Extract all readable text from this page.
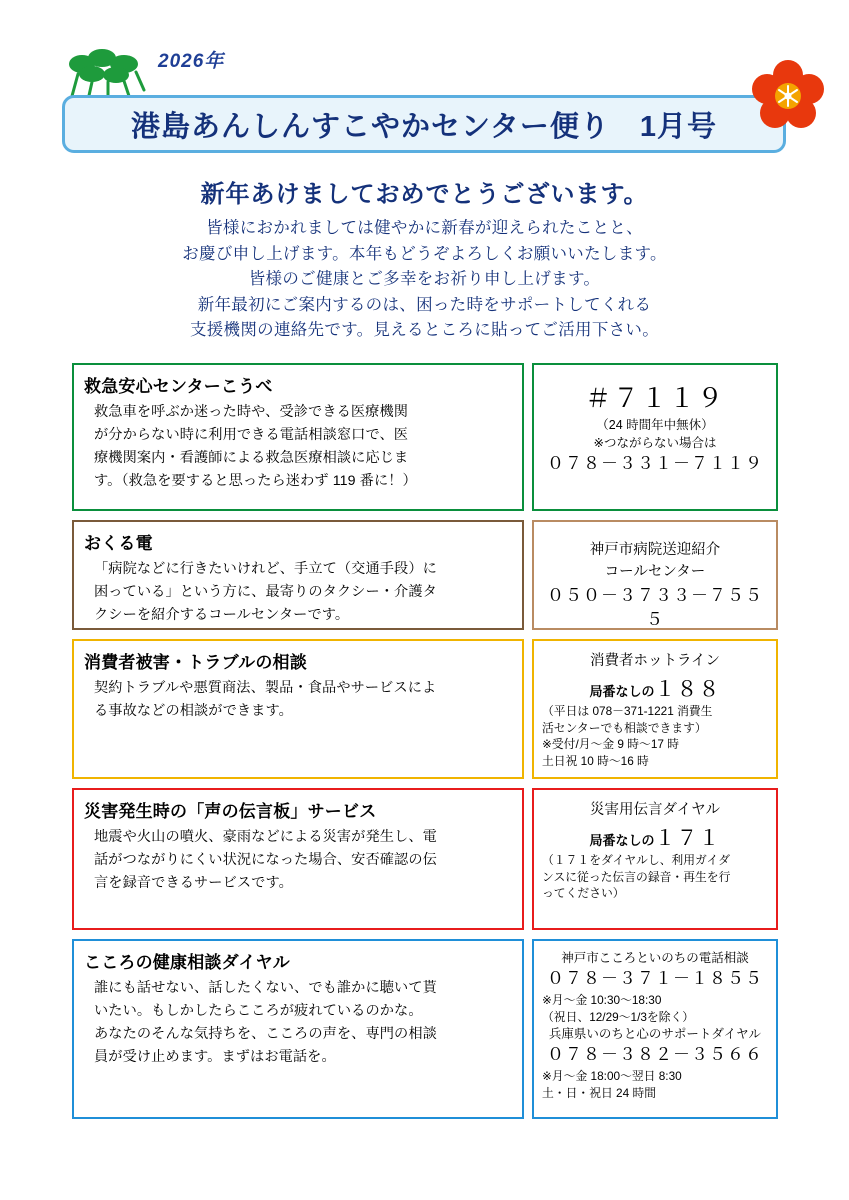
2026年
港島あんしんすこやかセンター便り　1月号
新年あけましておめでとうございます。
皆様におかれましては健やかに新春が迎えられたことと、
お慶び申し上げます。本年もどうぞよろしくお願いいたします。
皆様のご健康とご多幸をお祈り申し上げます。
新年最初にご案内するのは、困った時をサポートしてくれる
支援機関の連絡先です。見えるところに貼ってご活用下さい。
救急安心センターこうべ
救急車を呼ぶか迷った時や、受診できる医療機関
が分からない時に利用できる電話相談窓口で、医
療機関案内・看護師による救急医療相談に応じま
す。（救急を要すると思ったら迷わず 119 番に！）
＃７１１９
（24 時間年中無休）
※つながらない場合は
０７８－３３１－７１１９
おくる電
「病院などに行きたいけれど、手立て（交通手段）に
困っている」という方に、最寄りのタクシー・介護タ
クシーを紹介するコールセンターです。
神戸市病院送迎紹介
コールセンター
０５０－３７３３－７５５５
消費者被害・トラブルの相談
契約トラブルや悪質商法、製品・食品やサービスによ
る事故などの相談ができます。
消費者ホットライン
局番なしの１８８
（平日は 078－371-1221 消費生
活センターでも相談できます）
※受付/月～金 9 時～17 時
土日祝 10 時～16 時
災害発生時の「声の伝言板」サービス
地震や火山の噴火、豪雨などによる災害が発生し、電
話がつながりにくい状況になった場合、安否確認の伝
言を録音できるサービスです。
災害用伝言ダイヤル
局番なしの１７１
（１７１をダイヤルし、利用ガイダ
ンスに従った伝言の録音・再生を行
ってください）
こころの健康相談ダイヤル
誰にも話せない、話したくない、でも誰かに聴いて貰
いたい。もしかしたらこころが疲れているのかな。
あなたのそんな気持ちを、こころの声を、専門の相談
員が受け止めます。まずはお電話を。
神戸市こころといのちの電話相談
０７８－３７１－１８５５
※月～金 10:30～18:30
（祝日、12/29～1/3を除く）
兵庫県いのちと心のサポートダイヤル
０７８－３８２－３５６６
※月～金 18:00～翌日 8:30
土・日・祝日 24 時間
